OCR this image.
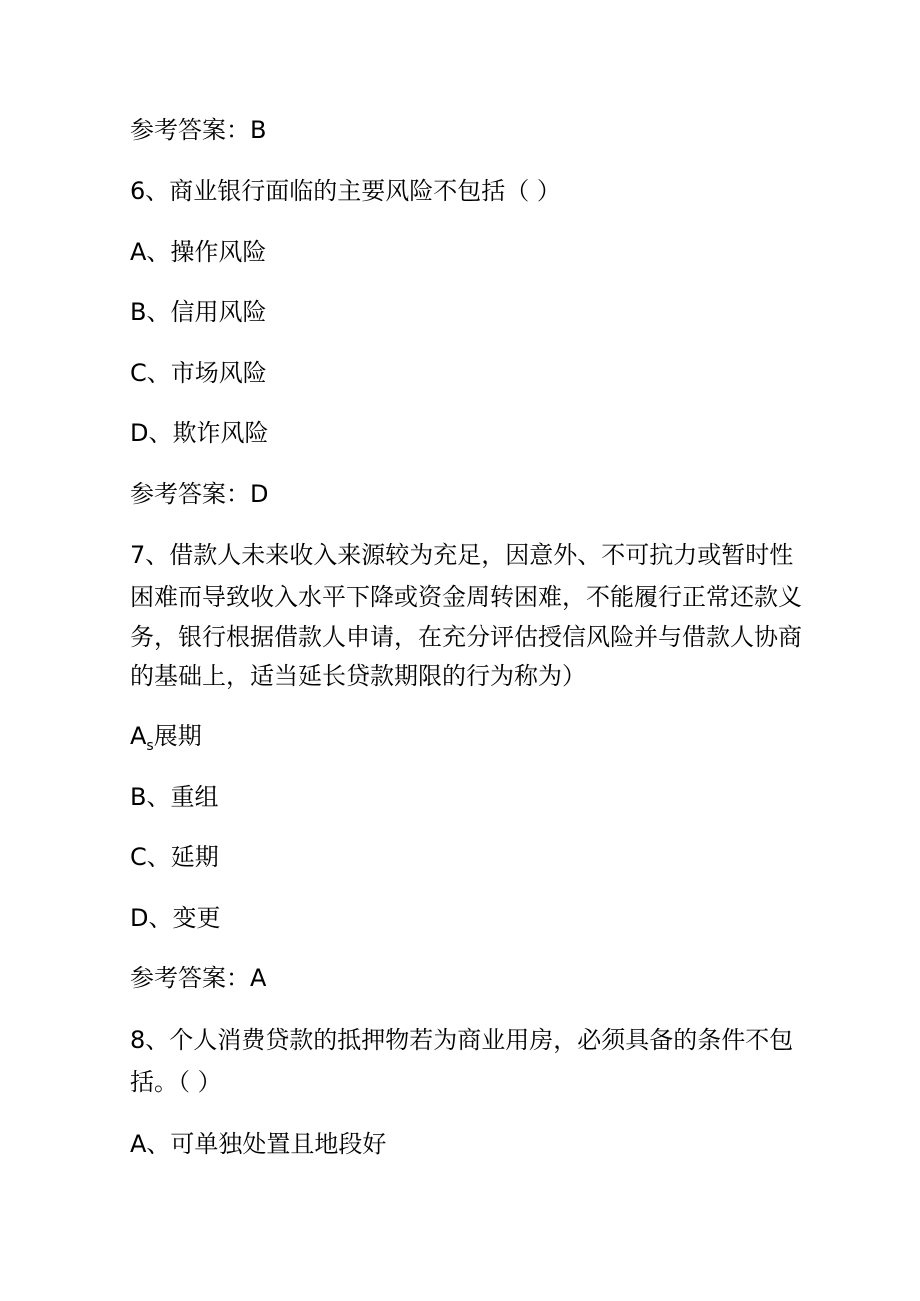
参考答案：B
6、商业银行面临的主要风险不包括（ ）
A、操作风险
B、信用风险
C、市场风险
D、欺诈风险
参考答案：D
7、借款人未来收入来源较为充足，因意外、不可抗力或暂时性
困难而导致收入水平下降或资金周转困难，不能履行正常还款义
务，银行根据借款人申请，在充分评估授信风险并与借款人协商
的基础上，适当延长贷款期限的行为称为）
$A_s$展期
B、重组
C、延期
D、变更
参考答案：A
8、个人消费贷款的抵押物若为商业用房，必须具备的条件不包
括。（ ）
A、可单独处置且地段好
